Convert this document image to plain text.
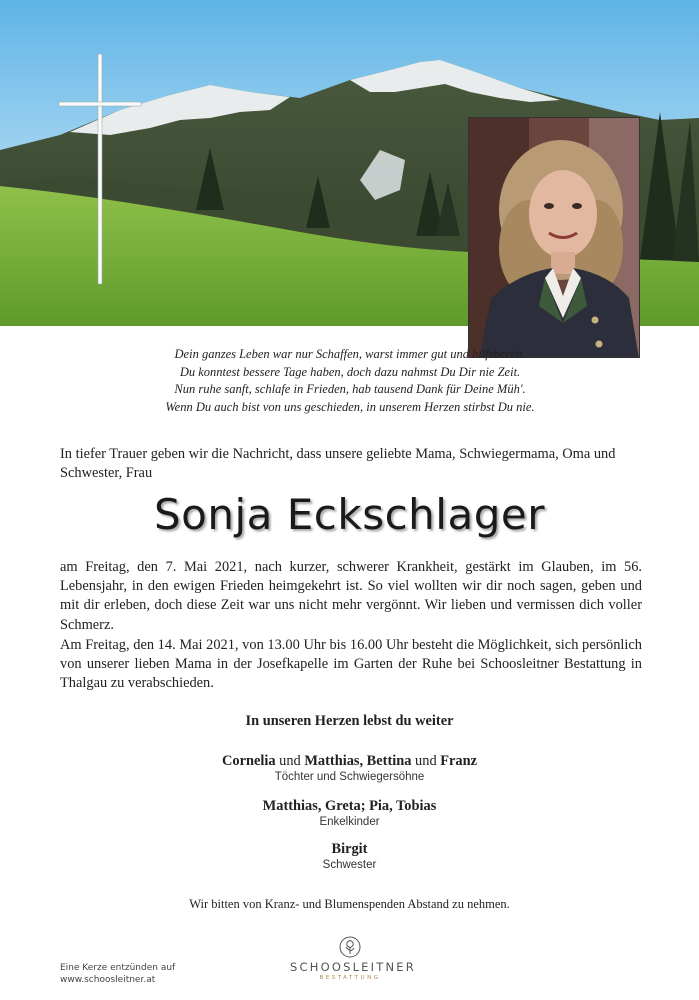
Dein ganzes Leben war nur Schaffen, warst immer gut und hilfsbereit.
Du konntest bessere Tage haben, doch dazu nahmst Du Dir nie Zeit.
Nun ruhe sanft, schlafe in Frieden, hab tausend Dank für Deine Müh'.
Wenn Du auch bist von uns geschieden, in unserem Herzen stirbst Du nie.
In tiefer Trauer geben wir die Nachricht, dass unsere geliebte Mama, Schwiegermama, Oma und Schwester, Frau
Sonja Eckschlager
am Freitag, den 7. Mai 2021, nach kurzer, schwerer Krankheit, gestärkt im Glauben, im 56. Lebensjahr, in den ewigen Frieden heimgekehrt ist. So viel wollten wir dir noch sagen, geben und mit dir erleben, doch diese Zeit war uns nicht mehr vergönnt. Wir lieben und vermissen dich voller Schmerz.
Am Freitag, den 14. Mai 2021, von 13.00 Uhr bis 16.00 Uhr besteht die Möglichkeit, sich persönlich von unserer lieben Mama in der Josefkapelle im Garten der Ruhe bei Schoosleitner Bestattung in Thalgau zu verabschieden.
In unseren Herzen lebst du weiter
Cornelia und Matthias, Bettina und Franz
Töchter und Schwiegersöhne
Matthias, Greta; Pia, Tobias
Enkelkinder
Birgit
Schwester
Wir bitten von Kranz- und Blumenspenden Abstand zu nehmen.
Eine Kerze entzünden auf
www.schoosleitner.at
SCHOOSLEITNER
BESTATTUNG
